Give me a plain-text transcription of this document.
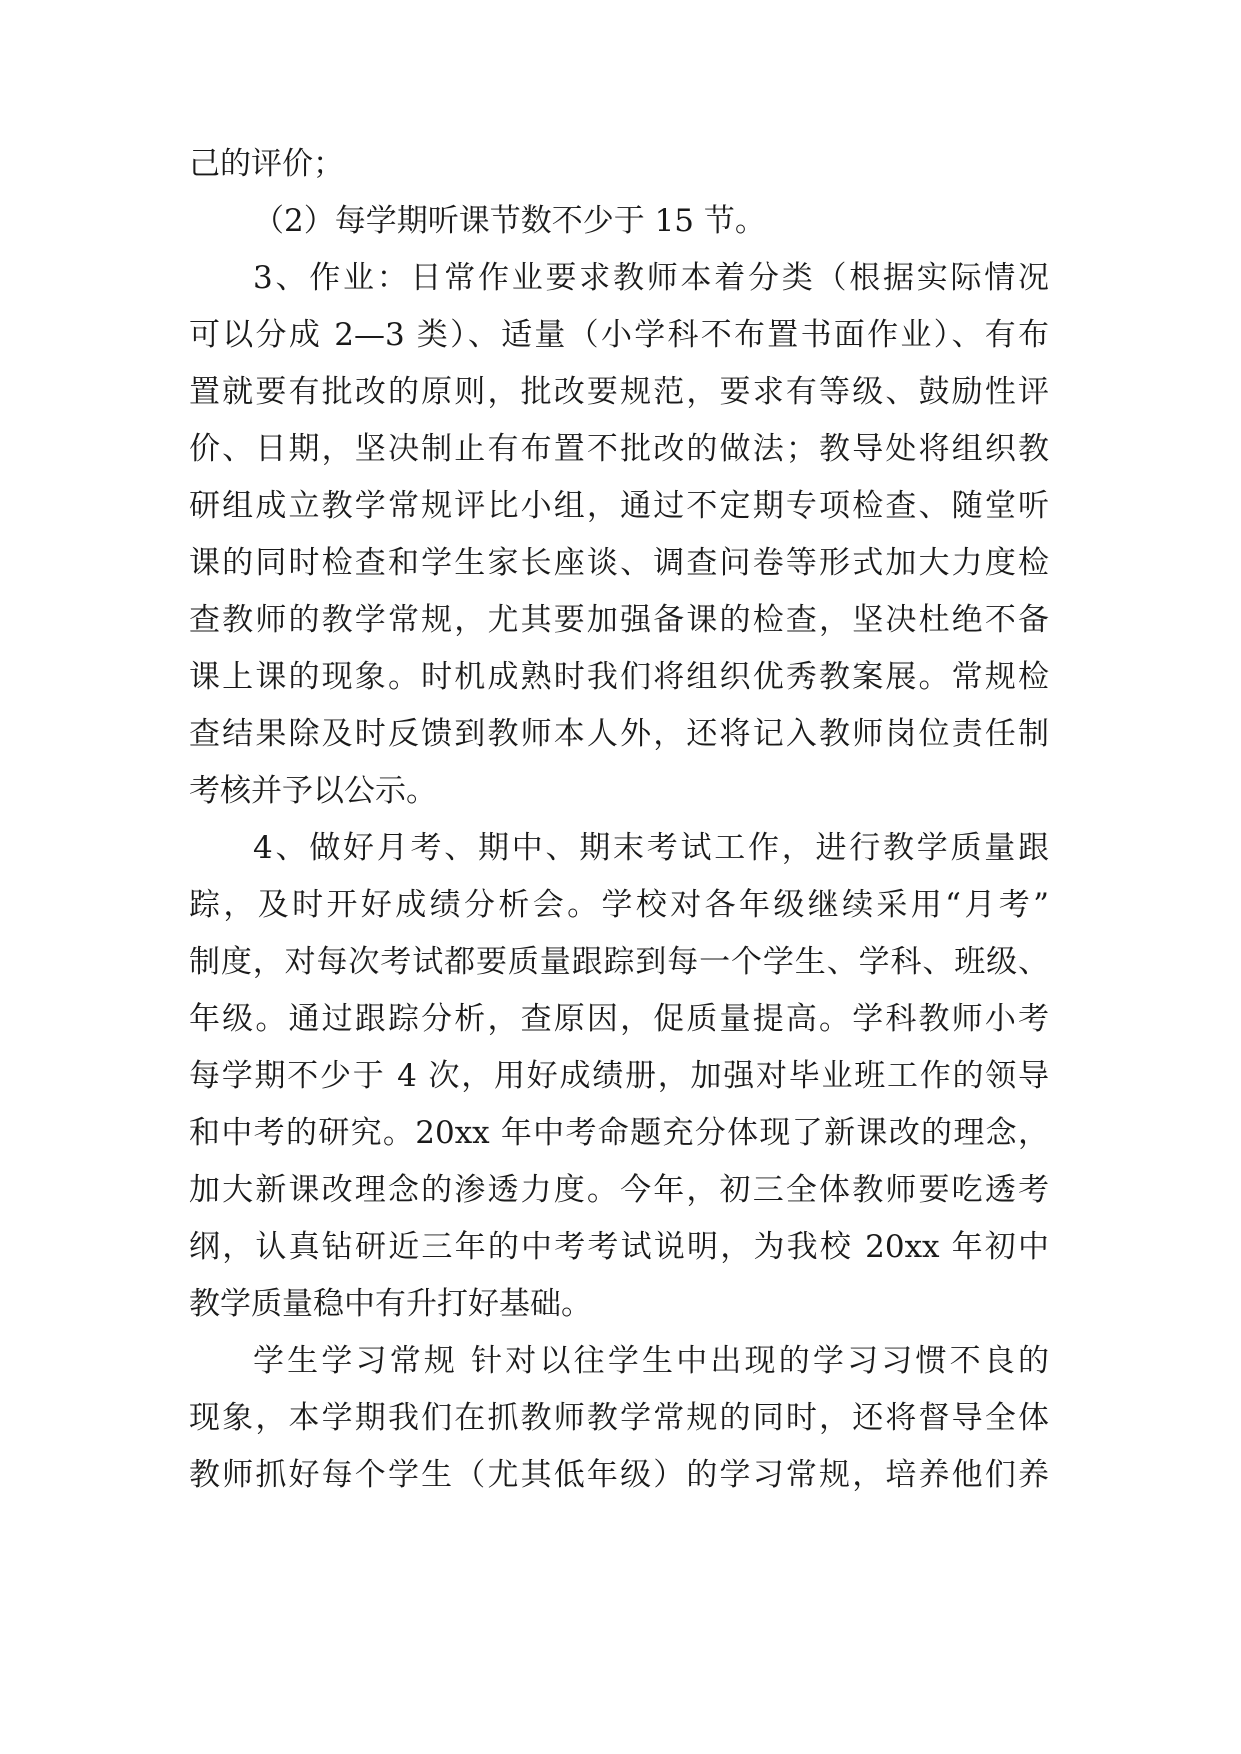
己的评价；
（2）每学期听课节数不少于 15 节。
3、作业：日常作业要求教师本着分类（根据实际情况
可以分成 2—3 类）、适量（小学科不布置书面作业）、有布
置就要有批改的原则，批改要规范，要求有等级、鼓励性评
价、日期，坚决制止有布置不批改的做法；教导处将组织教
研组成立教学常规评比小组，通过不定期专项检查、随堂听
课的同时检查和学生家长座谈、调查问卷等形式加大力度检
查教师的教学常规，尤其要加强备课的检查，坚决杜绝不备
课上课的现象。时机成熟时我们将组织优秀教案展。常规检
查结果除及时反馈到教师本人外，还将记入教师岗位责任制
考核并予以公示。
4、做好月考、期中、期末考试工作，进行教学质量跟
踪，及时开好成绩分析会。学校对各年级继续采用“月考”
制度，对每次考试都要质量跟踪到每一个学生、学科、班级、
年级。通过跟踪分析，查原因，促质量提高。学科教师小考
每学期不少于 4 次，用好成绩册，加强对毕业班工作的领导
和中考的研究。20xx 年中考命题充分体现了新课改的理念，
加大新课改理念的渗透力度。今年，初三全体教师要吃透考
纲，认真钻研近三年的中考考试说明，为我校 20xx 年初中
教学质量稳中有升打好基础。
学生学习常规 针对以往学生中出现的学习习惯不良的
现象，本学期我们在抓教师教学常规的同时，还将督导全体
教师抓好每个学生（尤其低年级）的学习常规，培养他们养
